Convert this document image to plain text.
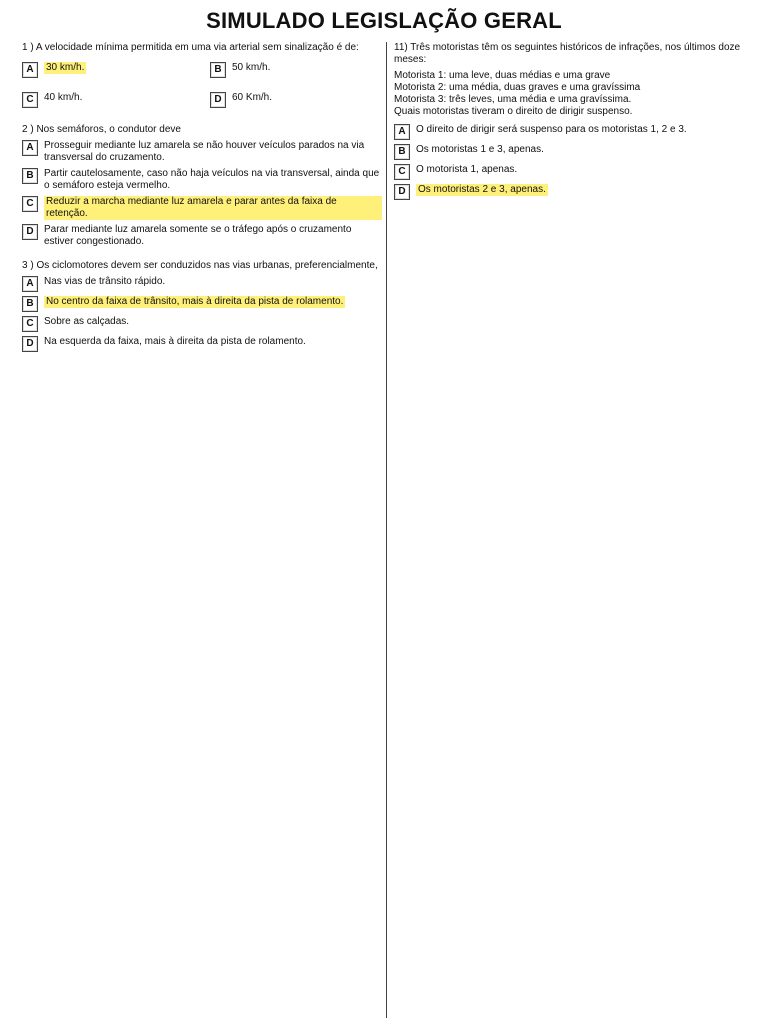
SIMULADO LEGISLAÇÃO GERAL
1 ) A velocidade mínima permitida em uma via arterial sem sinalização é de:
A	30 km/h.	B	50 km/h.
C	40 km/h.	D	60 Km/h.
2 ) Nos semáforos, o condutor deve
A	Prosseguir mediante luz amarela se não houver veículos parados na via transversal do cruzamento.
B	Partir cautelosamente, caso não haja veículos na via transversal, ainda que o semáforo esteja vermelho.
C	Reduzir a marcha mediante luz amarela e parar antes da faixa de retenção.
D	Parar mediante luz amarela somente se o tráfego após o cruzamento estiver congestionado.
3 ) Os ciclomotores devem ser conduzidos nas vias urbanas, preferencialmente,
A	Nas vias de trânsito rápido.
B	No centro da faixa de trânsito, mais à direita da pista de rolamento.
C	Sobre as calçadas.
D	Na esquerda da faixa, mais à direita da pista de rolamento.
11) Três motoristas têm os seguintes históricos de infrações, nos últimos doze meses:
Motorista 1: uma leve, duas médias e uma grave
Motorista 2: uma média, duas graves e uma gravíssima
Motorista 3: três leves, uma média e uma gravíssima.
Quais motoristas tiveram o direito de dirigir suspenso.
A	O direito de dirigir será suspenso para os motoristas 1, 2 e 3.
B	Os motoristas 1 e 3, apenas.
C	O motorista 1, apenas.
D	Os motoristas 2 e 3, apenas.
